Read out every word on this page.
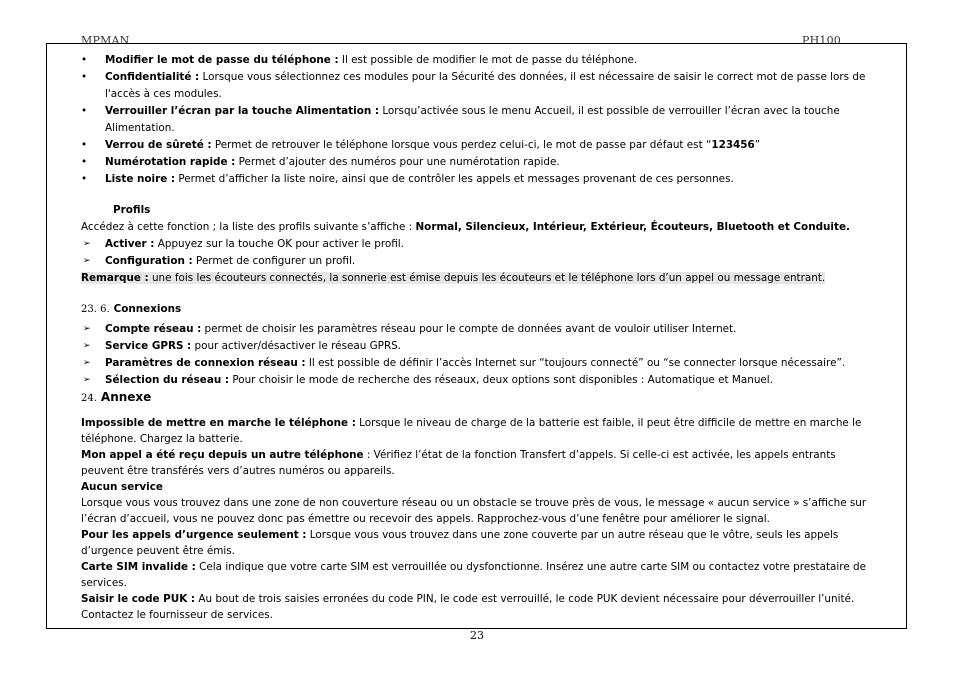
MPMAN	PH100
• Modifier le mot de passe du téléphone : Il est possible de modifier le mot de passe du téléphone.
• Confidentialité : Lorsque vous sélectionnez ces modules pour la Sécurité des données, il est nécessaire de saisir le correct mot de passe lors de l'accès à ces modules.
• Verrouiller l’écran par la touche Alimentation : Lorsqu’activée sous le menu Accueil, il est possible de verrouiller l’écran avec la touche Alimentation.
• Verrou de sûreté : Permet de retrouver le téléphone lorsque vous perdez celui-ci, le mot de passe par défaut est “123456”
• Numérotation rapide : Permet d’ajouter des numéros pour une numérotation rapide.
• Liste noire : Permet d’afficher la liste noire, ainsi que de contrôler les appels et messages provenant de ces personnes.
Profils

Accédez à cette fonction ; la liste des profils suivante s’affiche : Normal, Silencieux, Intérieur, Extérieur, Écouteurs, Bluetooth et Conduite.

➢ Activer : Appuyez sur la touche OK pour activer le profil.
➢ Configuration : Permet de configurer un profil.

Remarque : une fois les écouteurs connectés, la sonnerie est émise depuis les écouteurs et le téléphone lors d’un appel ou message entrant.

23. 6. Connexions
➢ Compte réseau : permet de choisir les paramètres réseau pour le compte de données avant de vouloir utiliser Internet.
➢ Service GPRS : pour activer/désactiver le réseau GPRS.
➢ Paramètres de connexion réseau : Il est possible de définir l’accès Internet sur “toujours connecté” ou “se connecter lorsque nécessaire”.
➢ Sélection du réseau : Pour choisir le mode de recherche des réseaux, deux options sont disponibles : Automatique et Manuel.
24. Annexe

Impossible de mettre en marche le téléphone : Lorsque le niveau de charge de la batterie est faible, il peut être difficile de mettre en marche le téléphone. Chargez la batterie.

Mon appel a été reçu depuis un autre téléphone : Vérifiez l’état de la fonction Transfert d’appels. Si celle-ci est activée, les appels entrants peuvent être transférés vers d’autres numéros ou appareils.

Aucun service

Lorsque vous vous trouvez dans une zone de non couverture réseau ou un obstacle se trouve près de vous, le message « aucun service » s’affiche sur l’écran d’accueil, vous ne pouvez donc pas émettre ou recevoir des appels. Rapprochez-vous d’une fenêtre pour améliorer le signal.

Pour les appels d’urgence seulement : Lorsque vous vous trouvez dans une zone couverte par un autre réseau que le vôtre, seuls les appels d’urgence peuvent être émis.

Carte SIM invalide : Cela indique que votre carte SIM est verrouillée ou dysfonctionne. Insérez une autre carte SIM ou contactez votre prestataire de services.

Saisir le code PUK : Au bout de trois saisies erronées du code PIN, le code est verrouillé, le code PUK devient nécessaire pour déverrouiller l’unité. Contactez le fournisseur de services.

23
